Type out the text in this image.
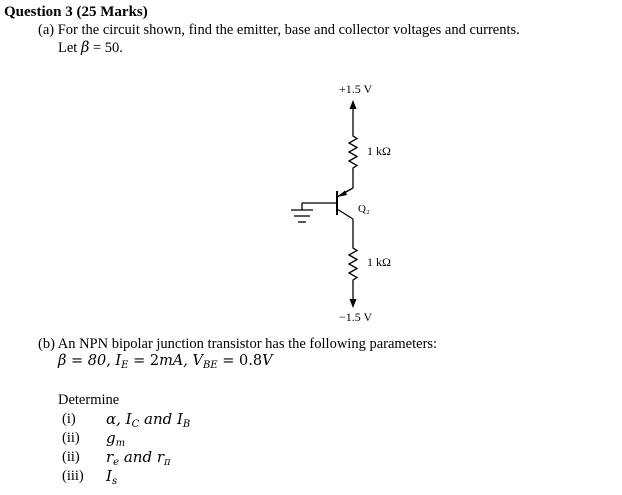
Question 3 (25 Marks)
(a) For the circuit shown, find the emitter, base and collector voltages and currents.
Let β = 50.
+1.5 V
1 kΩ
Q₂
1 kΩ
−1.5 V
(b) An NPN bipolar junction transistor has the following parameters:
β = 80, $I_E = 2mA$, $V_{BE} = 0.8V$
Determine
(i) α, $I_C$ and $I_B$
(ii) $g_m$
(ii) $r_e$ and $r_\pi$
(iii) $I_s$
